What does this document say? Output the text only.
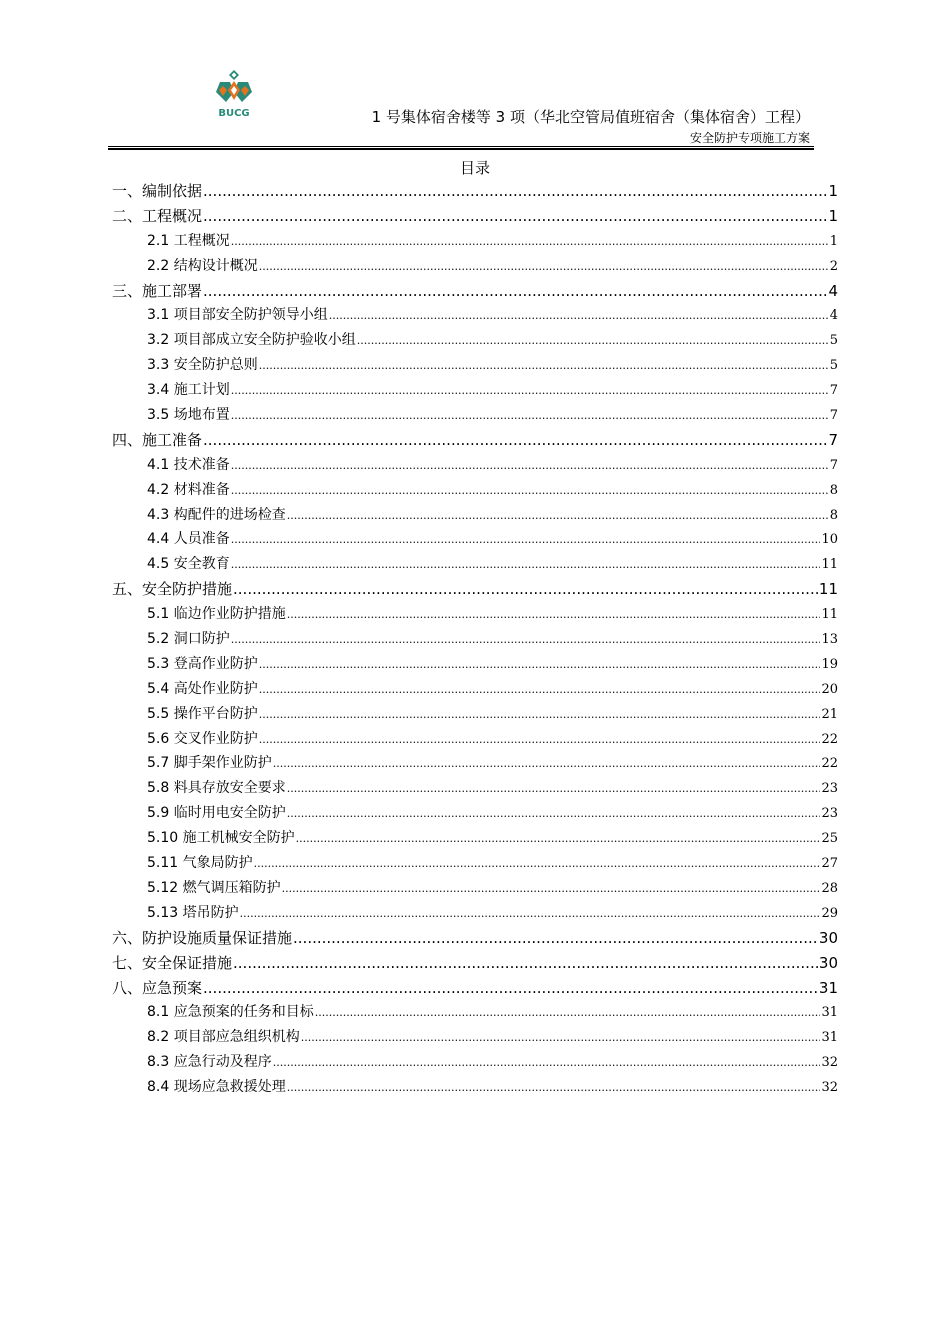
BUCG	1 号集体宿舍楼等 3 项（华北空管局值班宿舍（集体宿舍）工程）
安全防护专项施工方案
目录
一、编制依据 .....	1
二、工程概况 .....	1
2.1 工程概况 .....	1
2.2 结构设计概况 .....	2
三、施工部署 .....	4
3.1 项目部安全防护领导小组 .....	4
3.2 项目部成立安全防护验收小组 .....	5
3.3 安全防护总则 .....	5
3.4 施工计划 .....	7
3.5 场地布置 .....	7
四、施工准备 .....	7
4.1 技术准备 .....	7
4.2 材料准备 .....	8
4.3 构配件的进场检查 .....	8
4.4 人员准备 .....	10
4.5 安全教育 .....	11
五、安全防护措施 .....	11
5.1 临边作业防护措施 .....	11
5.2 洞口防护 .....	13
5.3 登高作业防护 .....	19
5.4 高处作业防护 .....	20
5.5 操作平台防护 .....	21
5.6 交叉作业防护 .....	22
5.7 脚手架作业防护 .....	22
5.8 料具存放安全要求 .....	23
5.9 临时用电安全防护 .....	23
5.10 施工机械安全防护 .....	25
5.11 气象局防护 .....	27
5.12 燃气调压箱防护 .....	28
5.13 塔吊防护 .....	29
六、防护设施质量保证措施 .....	30
七、安全保证措施 .....	30
八、应急预案 .....	31
8.1 应急预案的任务和目标 .....	31
8.2 项目部应急组织机构 .....	31
8.3 应急行动及程序 .....	32
8.4 现场应急救援处理 .....	32
